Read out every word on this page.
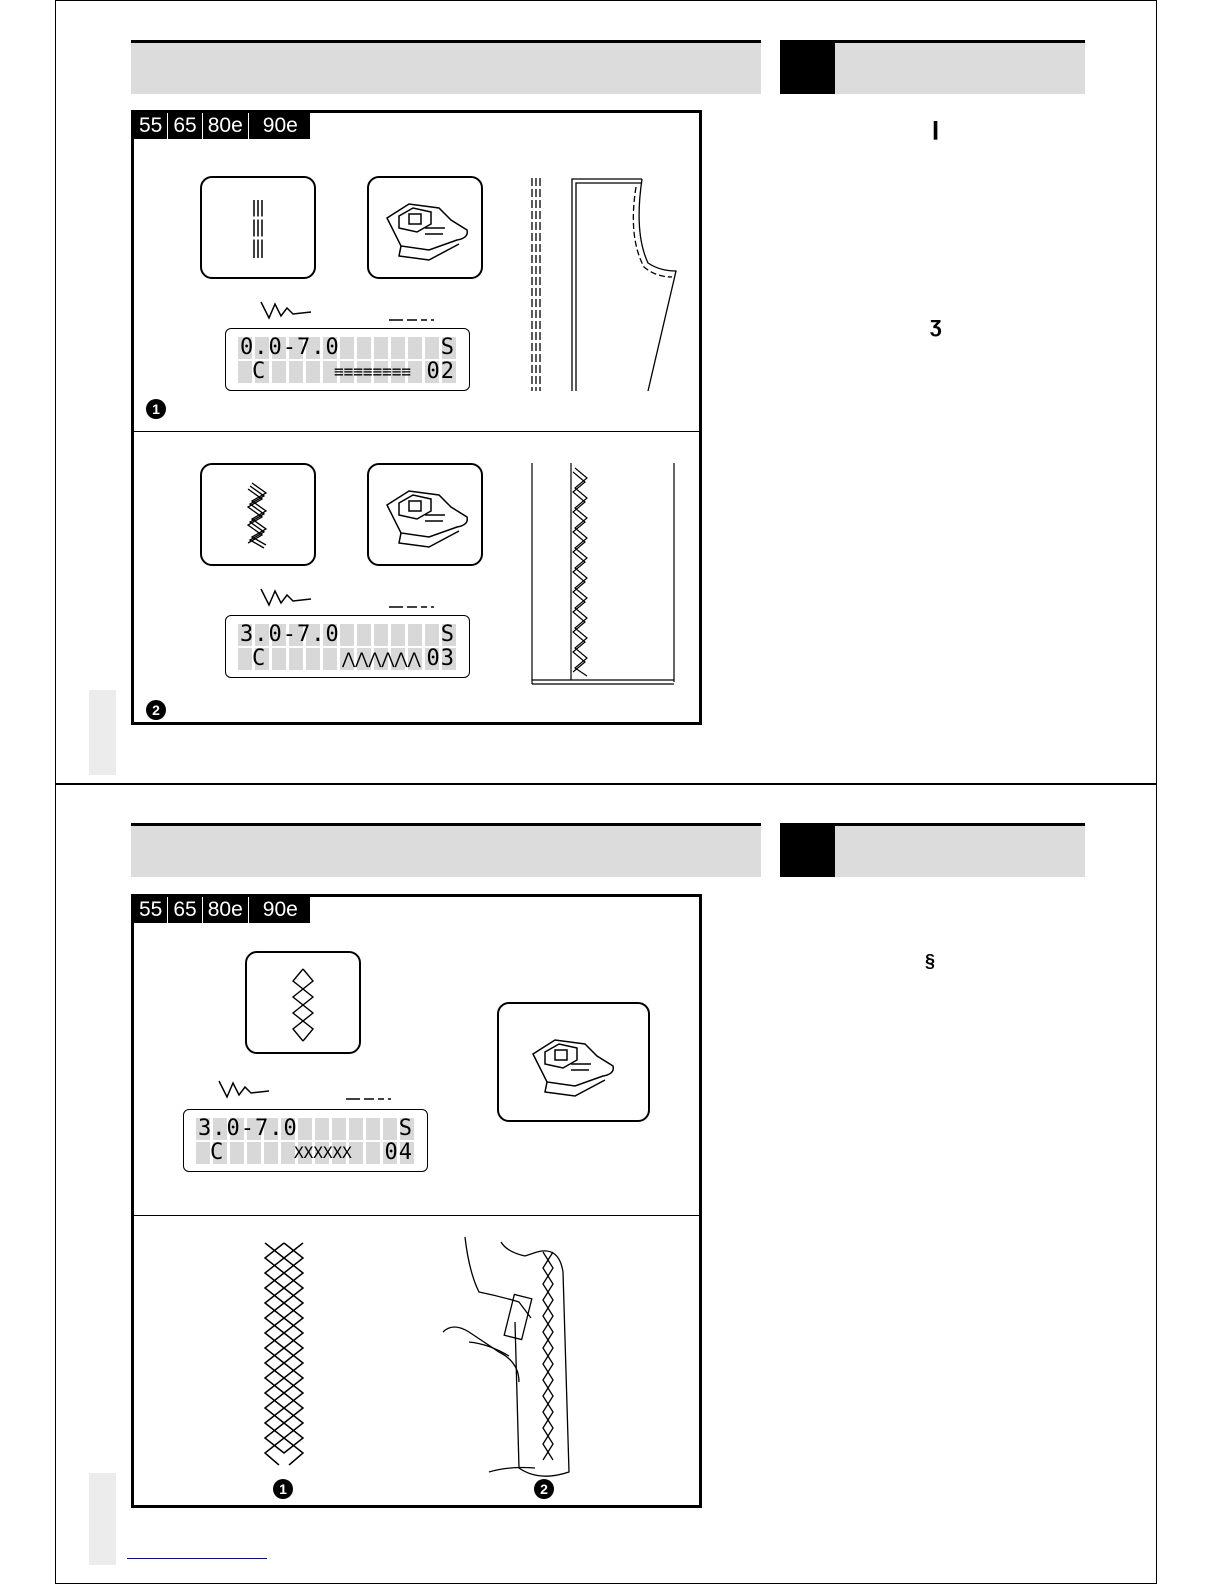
❙
ʒ
55 65 80e 90e
0.0-7.0	S
C	≡≡≡≡≡≡≡≡ 02
1
3.0-7.0	S
C	⋀⋀⋀⋀⋀⋀ 03
2
§
55 65 80e 90e
3.0-7.0	S
C	XXXXXX 04
1	2
